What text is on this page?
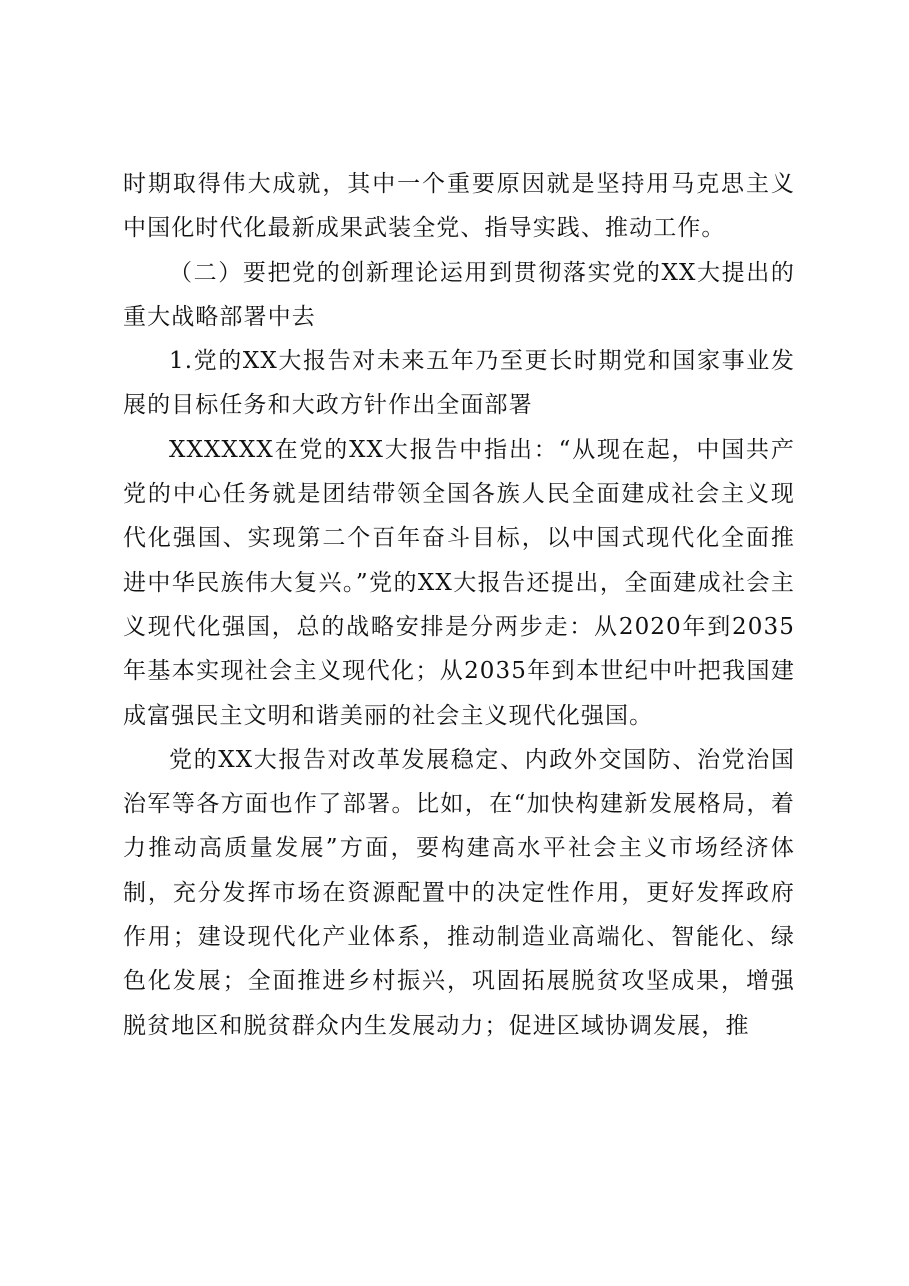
时期取得伟大成就，其中一个重要原因就是坚持用马克思主义中国化时代化最新成果武装全党、指导实践、推动工作。

（二）要把党的创新理论运用到贯彻落实党的XX大提出的重大战略部署中去

1.党的XX大报告对未来五年乃至更长时期党和国家事业发展的目标任务和大政方针作出全面部署

XXXXXX在党的XX大报告中指出：“从现在起，中国共产党的中心任务就是团结带领全国各族人民全面建成社会主义现代化强国、实现第二个百年奋斗目标，以中国式现代化全面推进中华民族伟大复兴。”党的XX大报告还提出，全面建成社会主义现代化强国，总的战略安排是分两步走：从2020年到2035年基本实现社会主义现代化；从2035年到本世纪中叶把我国建成富强民主文明和谐美丽的社会主义现代化强国。

党的XX大报告对改革发展稳定、内政外交国防、治党治国治军等各方面也作了部署。比如，在“加快构建新发展格局，着力推动高质量发展”方面，要构建高水平社会主义市场经济体制，充分发挥市场在资源配置中的决定性作用，更好发挥政府作用；建设现代化产业体系，推动制造业高端化、智能化、绿色化发展；全面推进乡村振兴，巩固拓展脱贫攻坚成果，增强脱贫地区和脱贫群众内生发展动力；促进区域协调发展，推
